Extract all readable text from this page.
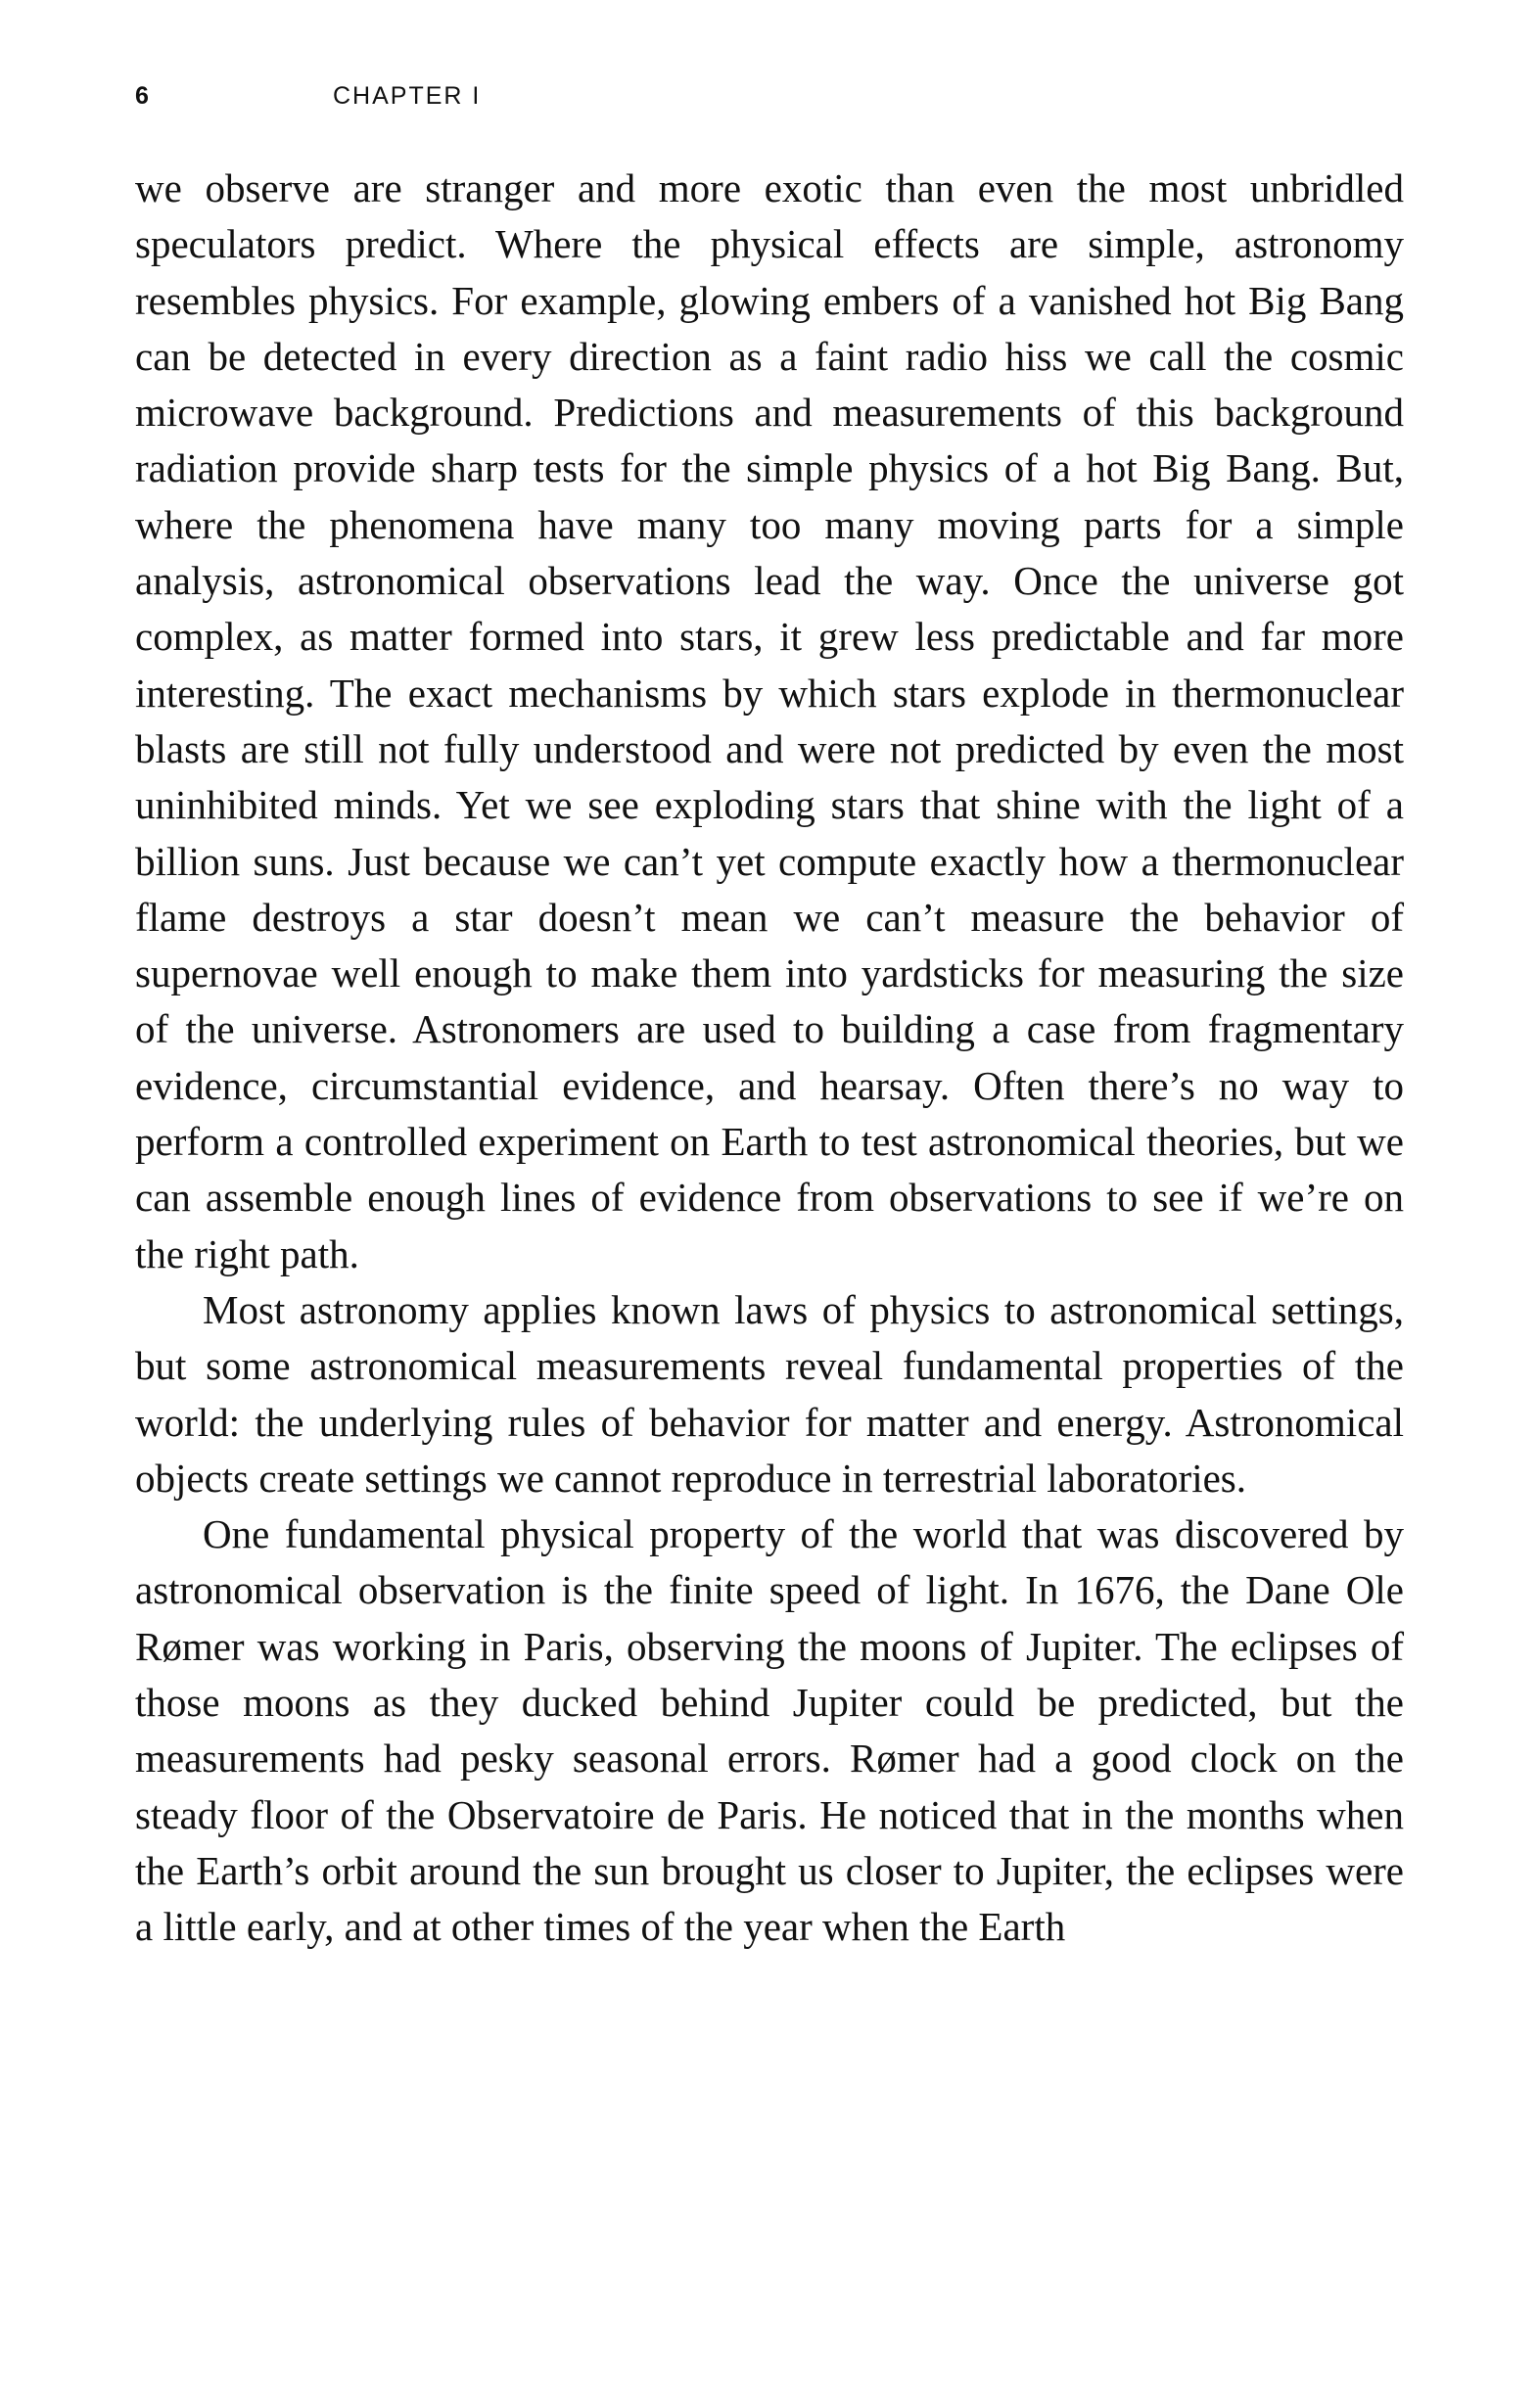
6	CHAPTER I

we observe are stranger and more exotic than even the most unbridled speculators predict. Where the physical effects are simple, astronomy resembles physics. For example, glowing embers of a vanished hot Big Bang can be detected in every direction as a faint radio hiss we call the cosmic microwave background. Predictions and measurements of this background radiation provide sharp tests for the simple physics of a hot Big Bang. But, where the phenomena have many too many moving parts for a simple analysis, astronomical observations lead the way. Once the universe got complex, as matter formed into stars, it grew less predictable and far more interesting. The exact mechanisms by which stars explode in thermonuclear blasts are still not fully understood and were not predicted by even the most uninhibited minds. Yet we see exploding stars that shine with the light of a billion suns. Just because we can’t yet compute exactly how a thermonuclear flame destroys a star doesn’t mean we can’t measure the behavior of supernovae well enough to make them into yardsticks for measuring the size of the universe. Astronomers are used to building a case from fragmentary evidence, circumstantial evidence, and hearsay. Often there’s no way to perform a controlled experiment on Earth to test astronomical theories, but we can assemble enough lines of evidence from observations to see if we’re on the right path.

Most astronomy applies known laws of physics to astronomical settings, but some astronomical measurements reveal fundamental properties of the world: the underlying rules of behavior for matter and energy. Astronomical objects create settings we cannot reproduce in terrestrial laboratories.

One fundamental physical property of the world that was discovered by astronomical observation is the finite speed of light. In 1676, the Dane Ole Rømer was working in Paris, observing the moons of Jupiter. The eclipses of those moons as they ducked behind Jupiter could be predicted, but the measurements had pesky seasonal errors. Rømer had a good clock on the steady floor of the Observatoire de Paris. He noticed that in the months when the Earth’s orbit around the sun brought us closer to Jupiter, the eclipses were a little early, and at other times of the year when the Earth
